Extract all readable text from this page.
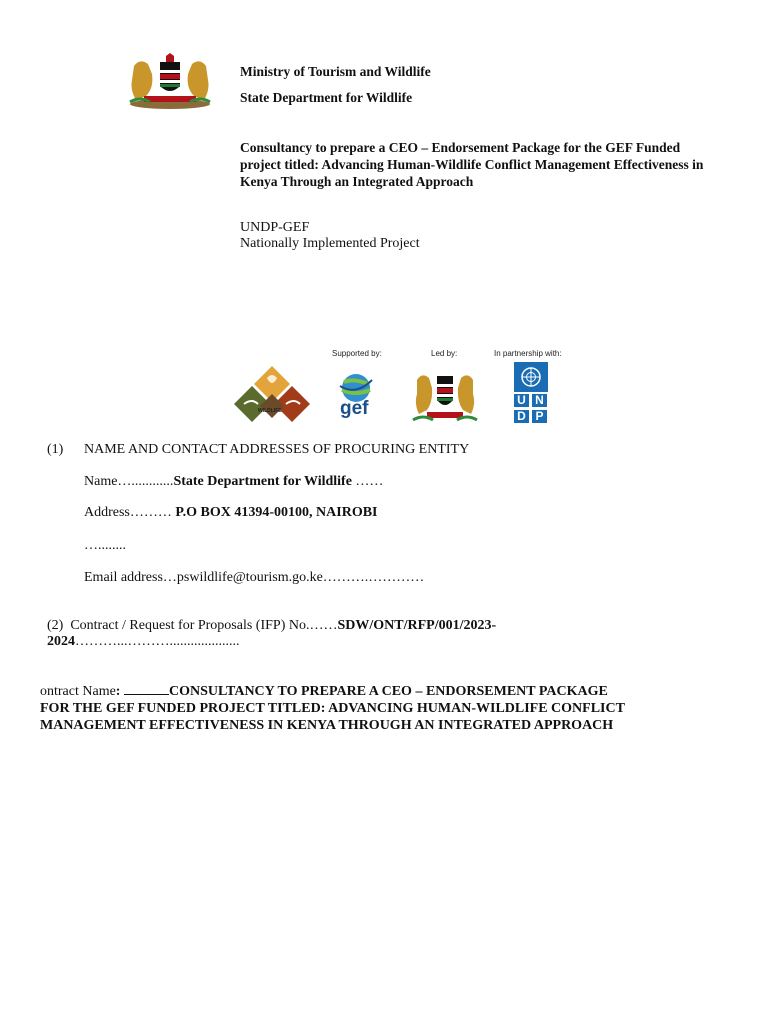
Ministry of Tourism and Wildlife
State Department for Wildlife
Consultancy to prepare a CEO – Endorsement Package for the GEF Funded project titled: Advancing Human-Wildlife Conflict Management Effectiveness in Kenya Through an Integrated Approach
UNDP-GEF
Nationally Implemented Project
Supported by:	Led by:	In partnership with:
WILDLIFE	gef	U N
D P
(1) NAME AND CONTACT ADDRESSES OF PROCURING ENTITY
Name…............State Department for Wildlife ……
Address……… P.O BOX 41394-00100, NAIROBI
…........
Email address…pswildlife@tourism.go.ke……….…………
(2)  Contract / Request for Proposals (IFP) No.……SDW/ONT/RFP/001/2023-
2024………...………....................
ontract Name:	CONSULTANCY TO PREPARE A CEO – ENDORSEMENT PACKAGE
FOR THE GEF FUNDED PROJECT TITLED: ADVANCING HUMAN-WILDLIFE CONFLICT
MANAGEMENT EFFECTIVENESS IN KENYA THROUGH AN INTEGRATED APPROACH
